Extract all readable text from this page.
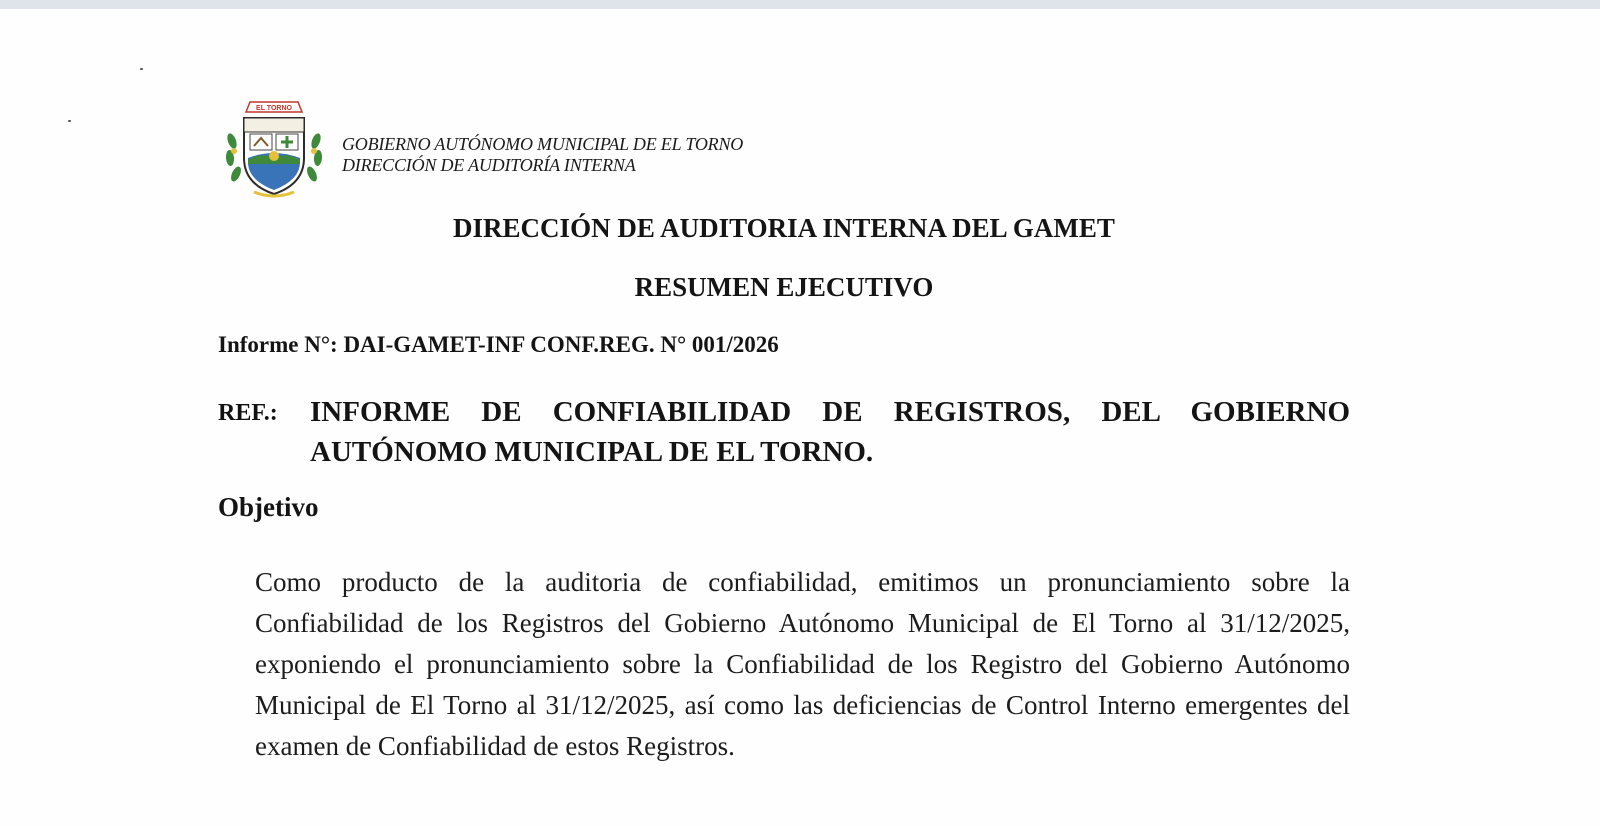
EL TORNO
GOBIERNO AUTÓNOMO MUNICIPAL DE EL TORNO
DIRECCIÓN DE AUDITORÍA INTERNA
DIRECCIÓN DE AUDITORIA INTERNA DEL GAMET
RESUMEN EJECUTIVO
Informe N°: DAI-GAMET-INF CONF.REG. N° 001/2026
REF.: INFORME DE CONFIABILIDAD DE REGISTROS, DEL GOBIERNO AUTÓNOMO MUNICIPAL DE EL TORNO.
Objetivo
Como producto de la auditoria de confiabilidad, emitimos un pronunciamiento sobre la Confiabilidad de los Registros del Gobierno Autónomo Municipal de El Torno al 31/12/2025, exponiendo el pronunciamiento sobre la Confiabilidad de los Registro del Gobierno Autónomo Municipal de El Torno al 31/12/2025, así como las deficiencias de Control Interno emergentes del examen de Confiabilidad de estos Registros.
